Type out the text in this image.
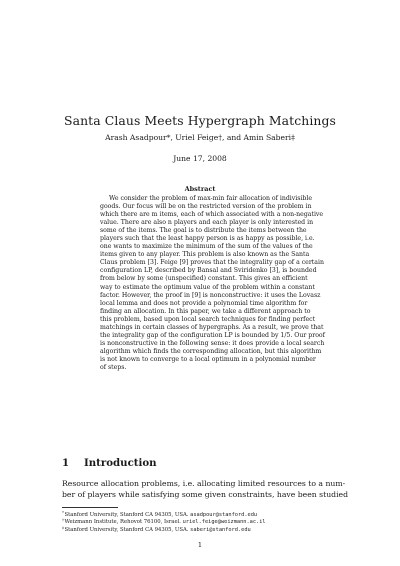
Santa Claus Meets Hypergraph Matchings
Arash Asadpour*, Uriel Feige†, and Amin Saberi‡
June 17, 2008
Abstract
We consider the problem of max-min fair allocation of indivisible
goods. Our focus will be on the restricted version of the problem in
which there are m items, each of which associated with a non-negative
value. There are also n players and each player is only interested in
some of the items. The goal is to distribute the items between the
players such that the least happy person is as happy as possible, i.e.
one wants to maximize the minimum of the sum of the values of the
items given to any player. This problem is also known as the Santa
Claus problem [3]. Feige [9] proves that the integrality gap of a certain
configuration LP, described by Bansal and Sviridenko [3], is bounded
from below by some (unspecified) constant. This gives an efficient
way to estimate the optimum value of the problem within a constant
factor. However, the proof in [9] is nonconstructive: it uses the Lovasz
local lemma and does not provide a polynomial time algorithm for
finding an allocation. In this paper, we take a different approach to
this problem, based upon local search techniques for finding perfect
matchings in certain classes of hypergraphs. As a result, we prove that
the integrality gap of the configuration LP is bounded by 1/5. Our proof
is nonconstructive in the following sense: it does provide a local search
algorithm which finds the corresponding allocation, but this algorithm
is not known to converge to a local optimum in a polynomial number
of steps.
1 Introduction
Resource allocation problems, i.e. allocating limited resources to a num-
ber of players while satisfying some given constraints, have been studied
*Stanford University, Stanford CA 94305, USA. asadpour@stanford.edu
†Weizmann Institute, Rehovot 76100, Israel. uriel.feige@weizmann.ac.il
‡Stanford University, Stanford CA 94305, USA. saberi@stanford.edu
1
